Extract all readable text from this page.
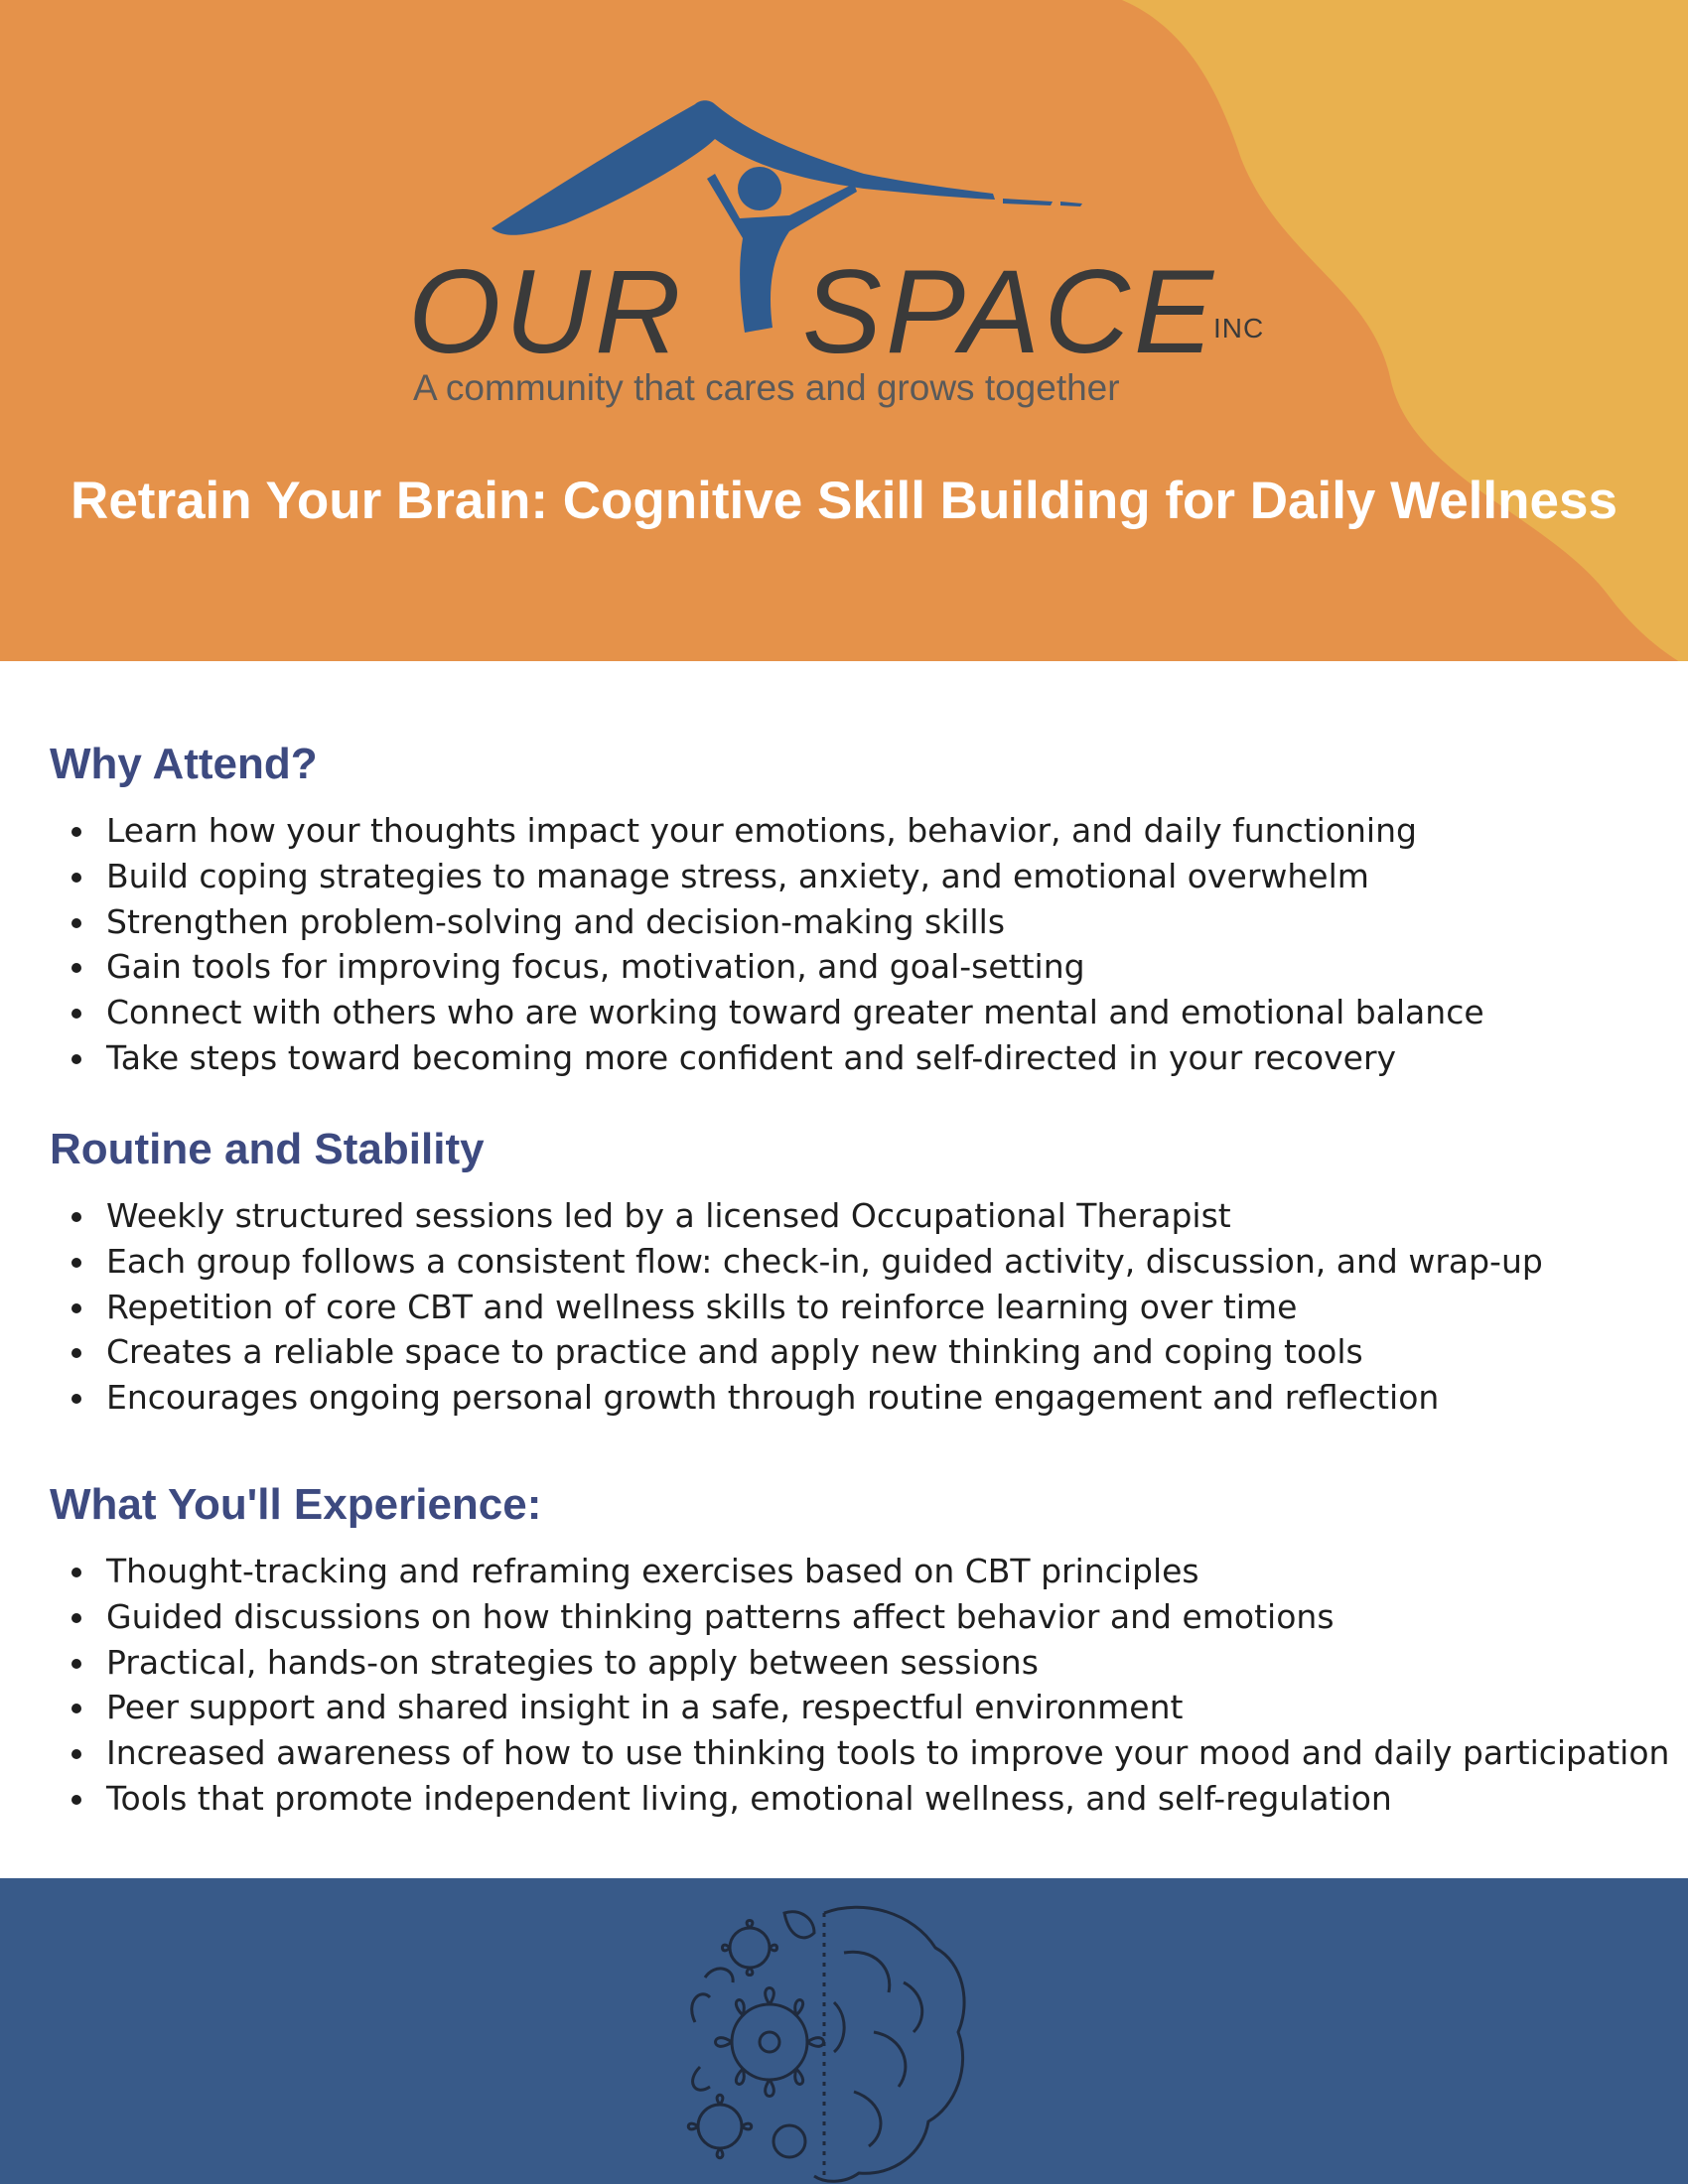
OUR SPACE
INC
A community that cares and grows together
Retrain Your Brain: Cognitive Skill Building for Daily Wellness
Why Attend?
Learn how your thoughts impact your emotions, behavior, and daily functioning
Build coping strategies to manage stress, anxiety, and emotional overwhelm
Strengthen problem-solving and decision-making skills
Gain tools for improving focus, motivation, and goal-setting
Connect with others who are working toward greater mental and emotional balance
Take steps toward becoming more confident and self-directed in your recovery
Routine and Stability
Weekly structured sessions led by a licensed Occupational Therapist
Each group follows a consistent flow: check-in, guided activity, discussion, and wrap-up
Repetition of core CBT and wellness skills to reinforce learning over time
Creates a reliable space to practice and apply new thinking and coping tools
Encourages ongoing personal growth through routine engagement and reflection
What You'll Experience:
Thought-tracking and reframing exercises based on CBT principles
Guided discussions on how thinking patterns affect behavior and emotions
Practical, hands-on strategies to apply between sessions
Peer support and shared insight in a safe, respectful environment
Increased awareness of how to use thinking tools to improve your mood and daily participation
Tools that promote independent living, emotional wellness, and self-regulation
